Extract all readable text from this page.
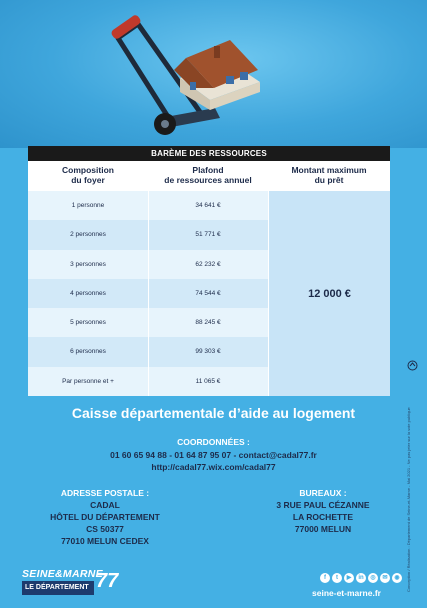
BARÈME DES RESSOURCES
Composition
du foyer
Plafond
de ressources annuel
Montant maximum
du prêt
1 personne	34 641 €
2 personnes	51 771 €
3 personnes	62 232 €
4 personnes	74 544 €
5 personnes	88 245 €
6 personnes	99 303 €
Par personne et +	11 065 €
12 000 €
Conception / Réalisation : Département de Seine-et-Marne - Mai 2021 - Ne pas jeter sur la voie publique
Caisse départementale d’aide au logement
COORDONNÉES :
01 60 65 94 88 - 01 64 87 95 07 - contact@cadal77.fr
http://cadal77.wix.com/cadal77
ADRESSE POSTALE :
CADAL
HÔTEL DU DÉPARTEMENT
CS 50377
77010 MELUN CEDEX
BUREAUX :
3 RUE PAUL CÉZANNE
LA ROCHETTE
77000 MELUN
SEINE&MARNE
LE DÉPARTEMENT 77	f	t	▶	in	◎	✉	◉
seine-et-marne.fr
